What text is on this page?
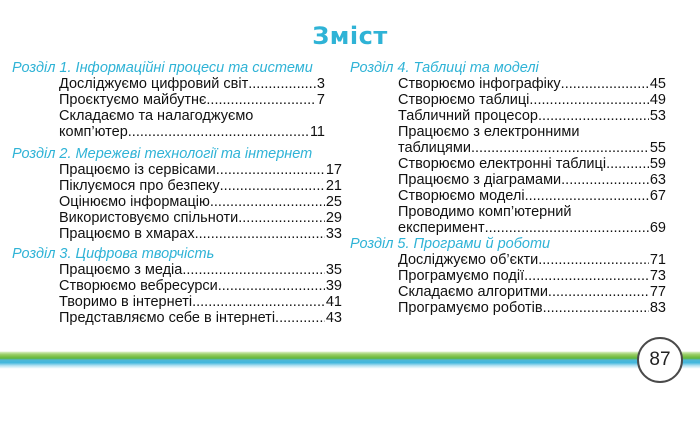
Зміст
Розділ 1. Інформаційні процеси та системи
Досліджуємо цифровий світ .....	3
Проєктуємо майбутнє .....	7
Складаємо та налагоджуємо
комп’ютер .....	11
Розділ 2. Мережеві технології та інтернет
Працюємо із сервісами .....	17
Піклуємося про безпеку .....	21
Оцінюємо інформацію .....	25
Використовуємо спільноти .....	29
Працюємо в хмарах .....	33
Розділ 3. Цифрова творчість
Працюємо з медіа .....	35
Створюємо вебресурси .....	39
Творимо в інтернеті .....	41
Представляємо себе в інтернеті .....	43
Розділ 4. Таблиці та моделі
Створюємо інфографіку .....	45
Створюємо таблиці .....	49
Табличний процесор .....	53
Працюємо з електронними
таблицями .....	55
Створюємо електронні таблиці .....	59
Працюємо з діаграмами .....	63
Створюємо моделі .....	67
Проводимо комп’ютерний
експеримент .....	69
Розділ 5. Програми й роботи
Досліджуємо об’єкти .....	71
Програмуємо події .....	73
Складаємо алгоритми .....	77
Програмуємо роботів .....	83
87
